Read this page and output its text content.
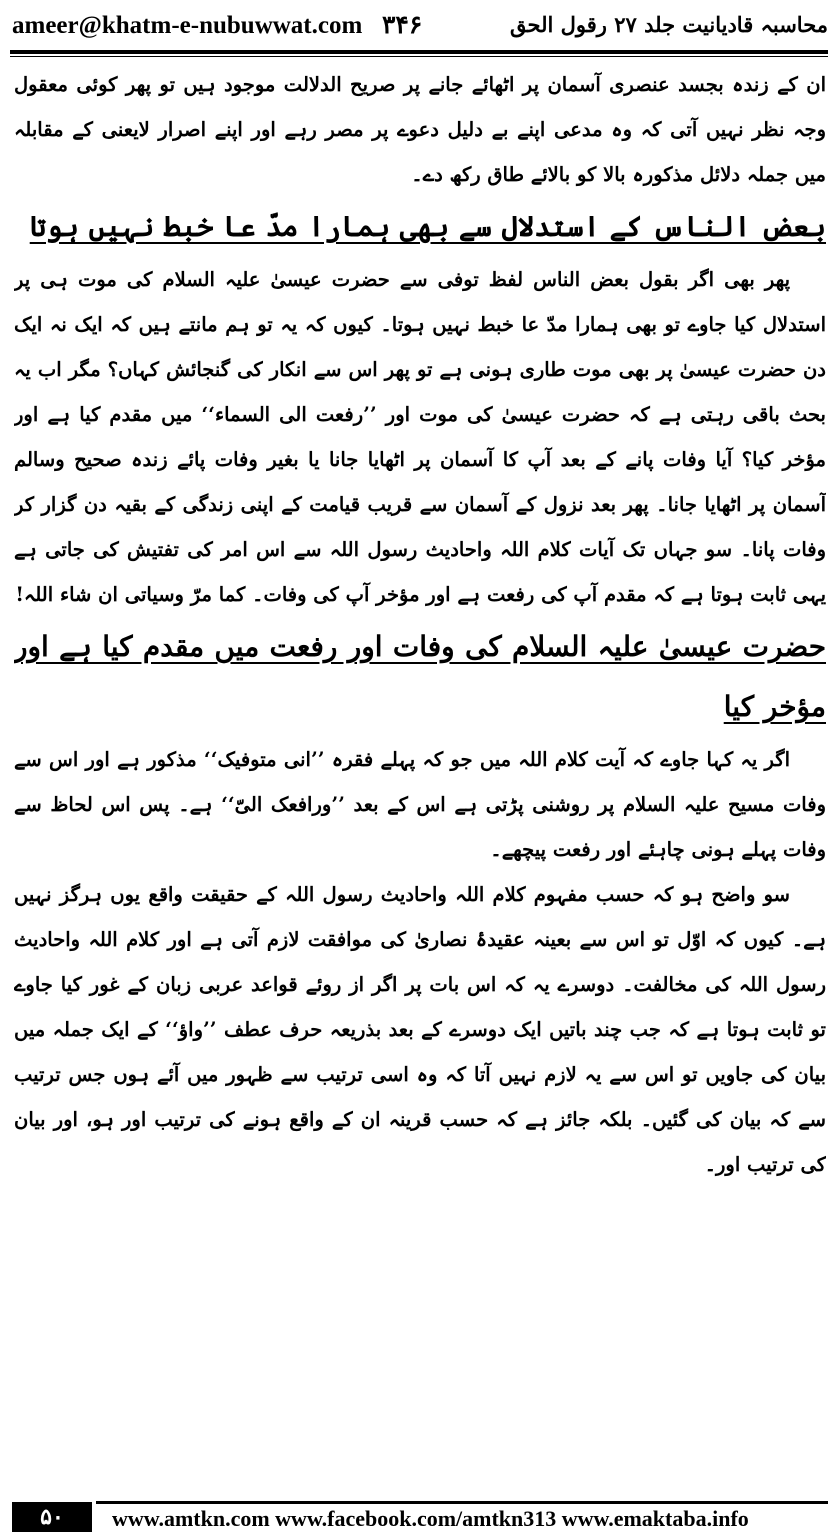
ameer@khatm-e-nubuwwat.com ۳۴۶	محاسبہ قادیانیت جلد ۲۷ رقول الحق

ان کے زندہ بجسد عنصری آسمان پر اٹھائے جانے پر صریح الدلالت موجود ہیں تو پھر کوئی معقول وجہ نظر نہیں آتی کہ وہ مدعی اپنے بے دلیل دعوے پر مصر رہے اور اپنے اصرار لایعنی کے مقابلہ میں جملہ دلائل مذکورہ بالا کو بالائے طاق رکھ دے۔

بعض الناس کے استدلال سے بھی ہمارا مدّ عا خبط نہیں ہوتا

پھر بھی اگر بقول بعض الناس لفظ توفی سے حضرت عیسیٰ علیہ السلام کی موت ہی پر استدلال کیا جاوے تو بھی ہمارا مدّ عا خبط نہیں ہوتا۔ کیوں کہ یہ تو ہم مانتے ہیں کہ ایک نہ ایک دن حضرت عیسیٰ پر بھی موت طاری ہونی ہے تو پھر اس سے انکار کی گنجائش کہاں؟ مگر اب یہ بحث باقی رہتی ہے کہ حضرت عیسیٰ کی موت اور ’’رفعت الی السماء‘‘ میں مقدم کیا ہے اور مؤخر کیا؟ آیا وفات پانے کے بعد آپ کا آسمان پر اٹھایا جانا یا بغیر وفات پائے زندہ صحیح وسالم آسمان پر اٹھایا جانا۔ پھر بعد نزول کے آسمان سے قریب قیامت کے اپنی زندگی کے بقیہ دن گزار کر وفات پانا۔ سو جہاں تک آیات کلام اللہ واحادیث رسول اللہ سے اس امر کی تفتیش کی جاتی ہے یہی ثابت ہوتا ہے کہ مقدم آپ کی رفعت ہے اور مؤخر آپ کی وفات۔ کما مرّ وسیاتی ان شاء اللہ!

حضرت عیسیٰ علیہ السلام کی وفات اور رفعت میں مقدم کیا ہے اور مؤخر کیا

اگر یہ کہا جاوے کہ آیت کلام اللہ میں جو کہ پہلے فقرہ ’’انی متوفیک‘‘ مذکور ہے اور اس سے وفات مسیح علیہ السلام پر روشنی پڑتی ہے اس کے بعد ’’ورافعک الیّ‘‘ ہے۔ پس اس لحاظ سے وفات پہلے ہونی چاہئے اور رفعت پیچھے۔

سو واضح ہو کہ حسب مفہوم کلام اللہ واحادیث رسول اللہ کے حقیقت واقع یوں ہرگز نہیں ہے۔ کیوں کہ اوّل تو اس سے بعینہ عقیدۂ نصاریٰ کی موافقت لازم آتی ہے اور کلام اللہ واحادیث رسول اللہ کی مخالفت۔ دوسرے یہ کہ اس بات پر اگر از روئے قواعد عربی زبان کے غور کیا جاوے تو ثابت ہوتا ہے کہ جب چند باتیں ایک دوسرے کے بعد بذریعہ حرف عطف ’’واؤ‘‘ کے ایک جملہ میں بیان کی جاویں تو اس سے یہ لازم نہیں آتا کہ وہ اسی ترتیب سے ظہور میں آئے ہوں جس ترتیب سے کہ بیان کی گئیں۔ بلکہ جائز ہے کہ حسب قرینہ ان کے واقع ہونے کی ترتیب اور ہو، اور بیان کی ترتیب اور۔

۵۰	www.amtkn.com www.facebook.com/amtkn313 www.emaktaba.info
